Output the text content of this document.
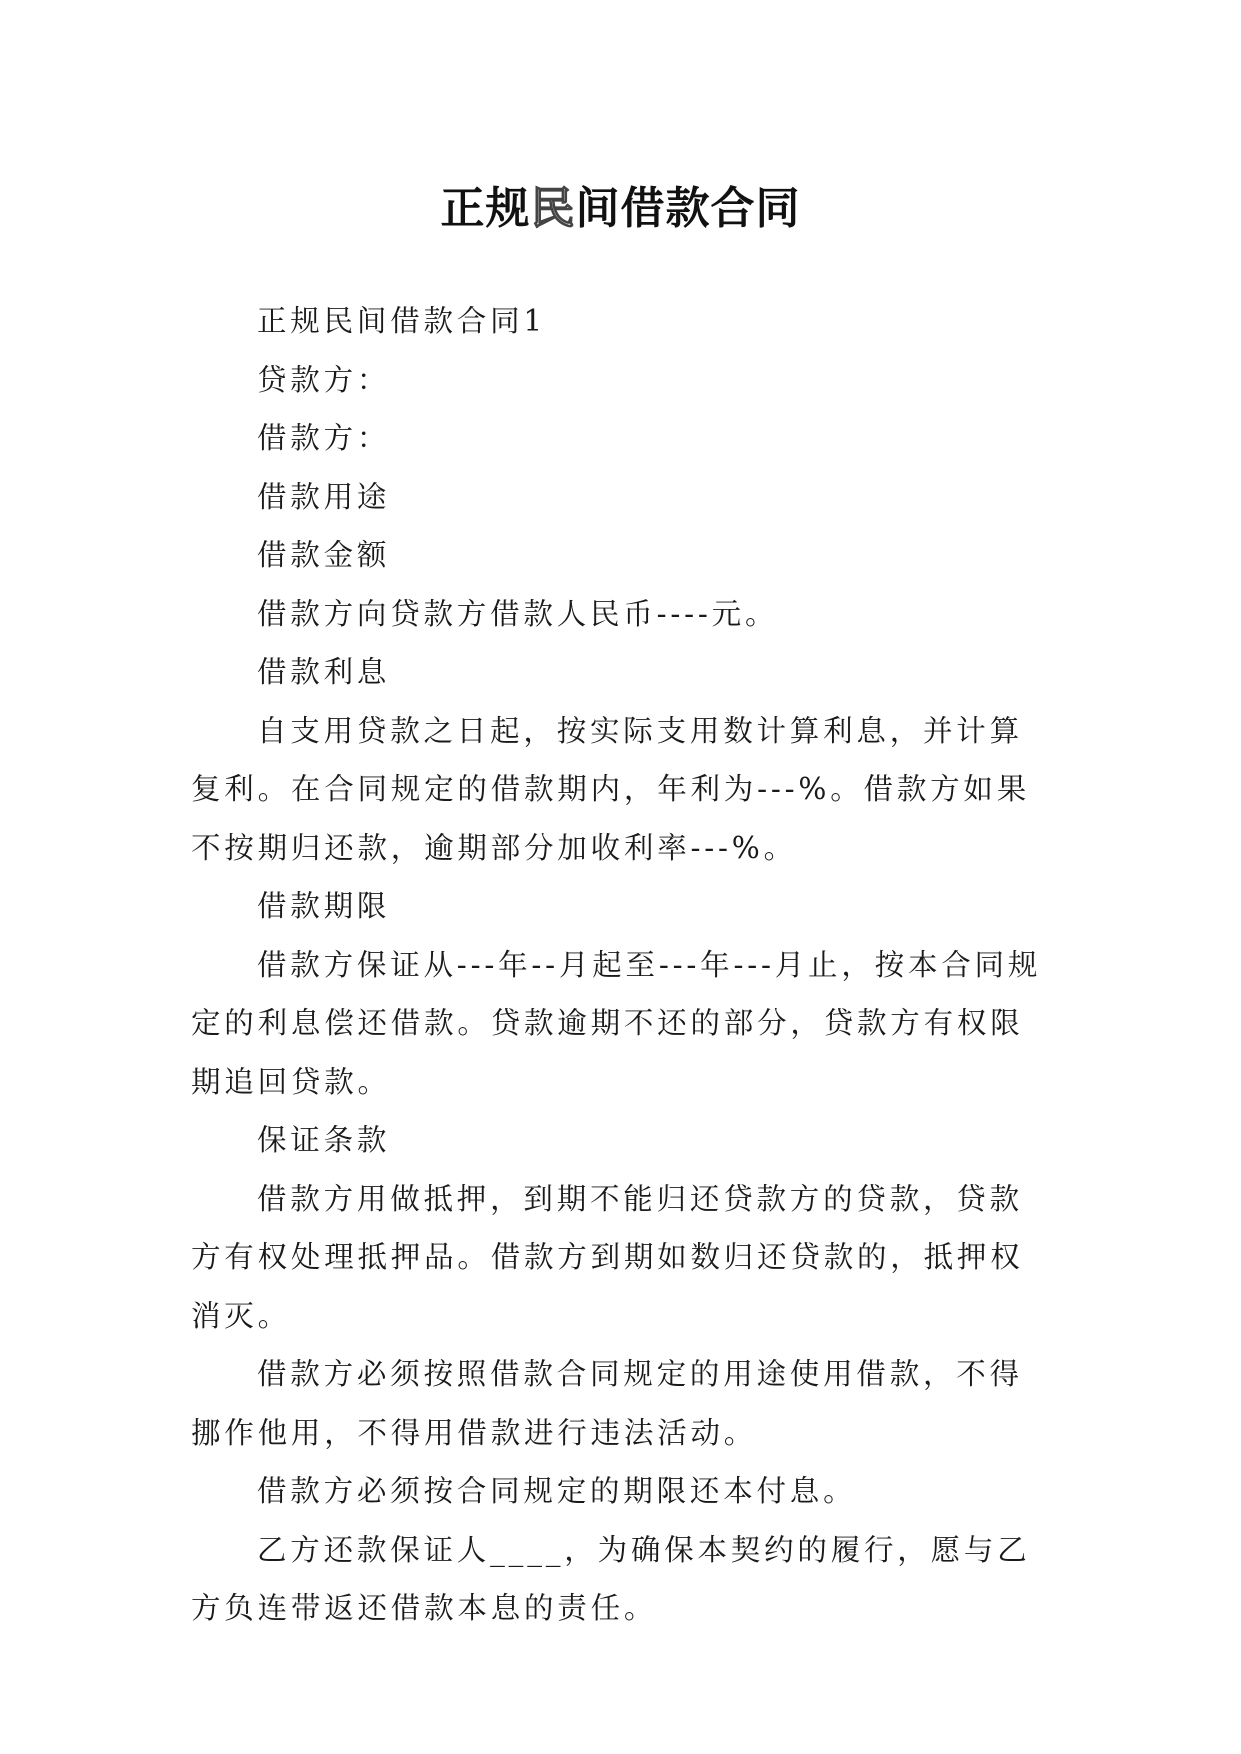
正规民间借款合同

正规民间借款合同1

贷款方：

借款方：

借款用途

借款金额

借款方向贷款方借款人民币----元。

借款利息

自支用贷款之日起，按实际支用数计算利息，并计算复利。在合同规定的借款期内，年利为---%。借款方如果不按期归还款，逾期部分加收利率---%。

借款期限

借款方保证从---年--月起至---年---月止，按本合同规定的利息偿还借款。贷款逾期不还的部分，贷款方有权限期追回贷款。

保证条款

借款方用做抵押，到期不能归还贷款方的贷款，贷款方有权处理抵押品。借款方到期如数归还贷款的，抵押权消灭。

借款方必须按照借款合同规定的用途使用借款，不得挪作他用，不得用借款进行违法活动。

借款方必须按合同规定的期限还本付息。

乙方还款保证人____，为确保本契约的履行，愿与乙方负连带返还借款本息的责任。
